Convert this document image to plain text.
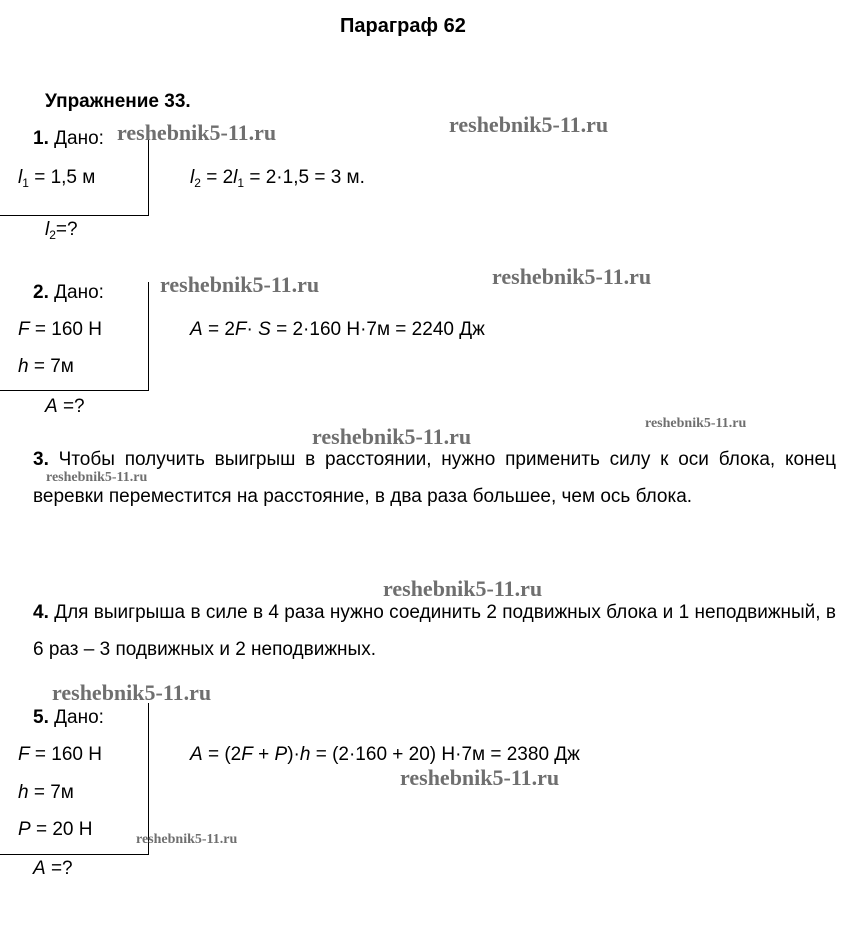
Параграф 62
Упражнение 33.
1. Дано:
$l_1 = 1,5$ м
$l_2=$?
$l_2 = 2l_1 = 2\cdot 1,5 = 3$ м.
2. Дано:
F = 160 Н
h = 7м
A =?
A = 2F· S = 2·160 Н·7м = 2240 Дж
3. Чтобы получить выигрыш в расстоянии, нужно применить силу к оси блока, конец веревки переместится на расстояние, в два раза большее, чем ось блока.
4. Для выигрыша в силе в 4 раза нужно соединить 2 подвижных блока и 1 неподвижный, в 6 раз – 3 подвижных и 2 неподвижных.
5. Дано:
F = 160 Н
h = 7м
P = 20 Н
A =?
A = (2F + P)·h = (2·160 + 20) Н·7м = 2380 Дж
reshebnik5-11.ru	reshebnik5-11.ru
reshebnik5-11.ru	reshebnik5-11.ru
reshebnik5-11.ru
reshebnik5-11.ru
reshebnik5-11.ru
reshebnik5-11.ru
reshebnik5-11.ru
reshebnik5-11.ru
reshebnik5-11.ru
